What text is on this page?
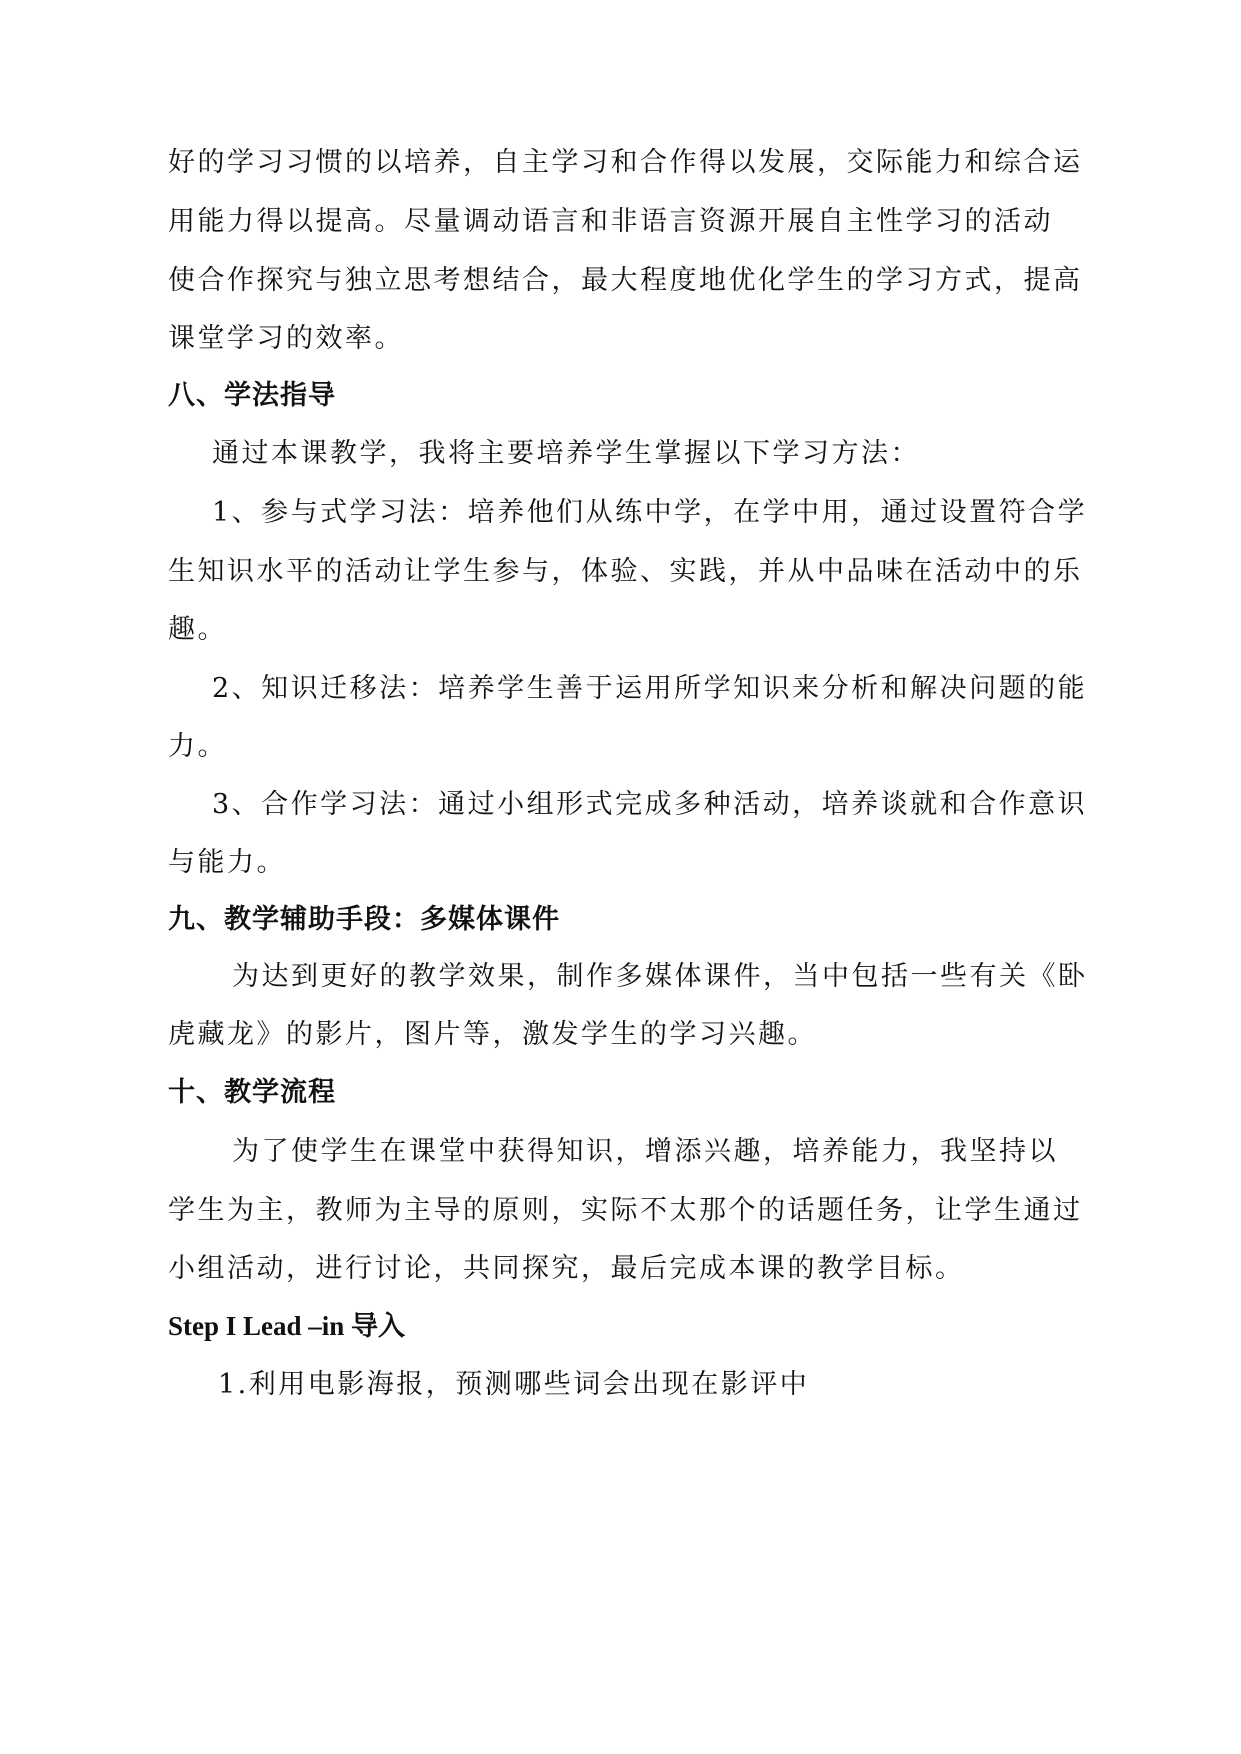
好的学习习惯的以培养，自主学习和合作得以发展，交际能力和综合运
用能力得以提高。尽量调动语言和非语言资源开展自主性学习的活动
使合作探究与独立思考想结合，最大程度地优化学生的学习方式，提高
课堂学习的效率。
八、学法指导
通过本课教学，我将主要培养学生掌握以下学习方法：
1、参与式学习法：培养他们从练中学，在学中用，通过设置符合学
生知识水平的活动让学生参与，体验、实践，并从中品味在活动中的乐
趣。
2、知识迁移法：培养学生善于运用所学知识来分析和解决问题的能
力。
3、合作学习法：通过小组形式完成多种活动，培养谈就和合作意识
与能力。
九、教学辅助手段：多媒体课件
为达到更好的教学效果，制作多媒体课件，当中包括一些有关《卧
虎藏龙》的影片，图片等，激发学生的学习兴趣。
十、教学流程
为了使学生在课堂中获得知识，增添兴趣，培养能力，我坚持以
学生为主，教师为主导的原则，实际不太那个的话题任务，让学生通过
小组活动，进行讨论，共同探究，最后完成本课的教学目标。
Step I Lead –in 导入
1.利用电影海报，预测哪些词会出现在影评中
